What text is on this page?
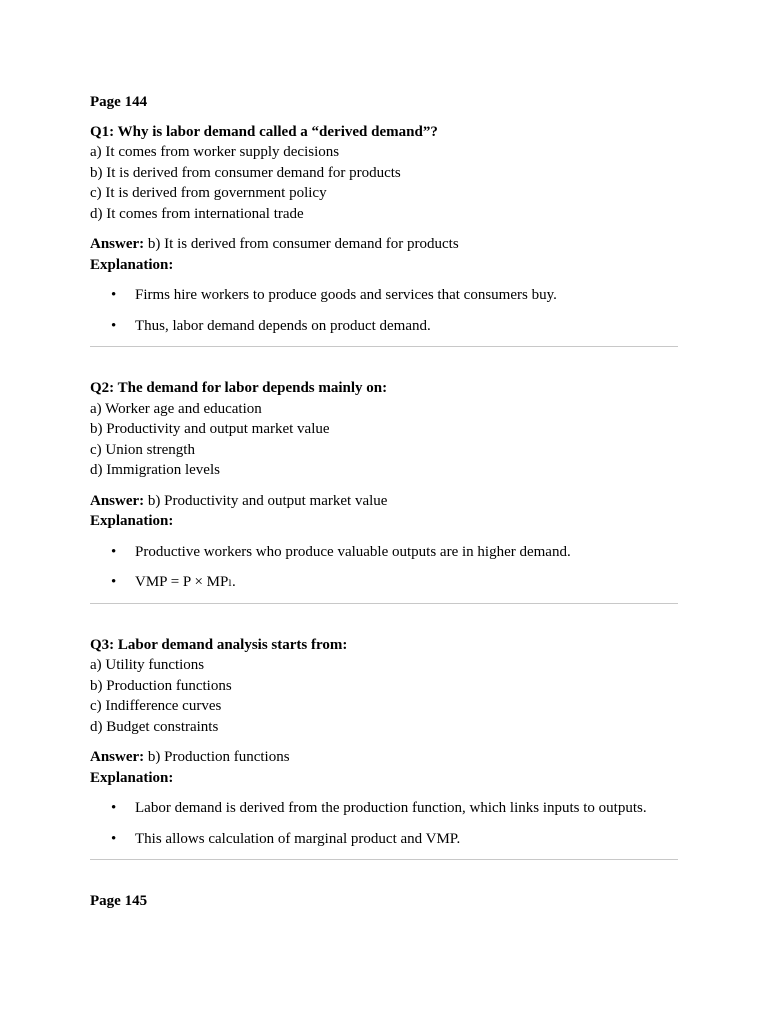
Page 144

Q1: Why is labor demand called a “derived demand”?

a) It comes from worker supply decisions

b) It is derived from consumer demand for products

c) It is derived from government policy

d) It comes from international trade

Answer: b) It is derived from consumer demand for products

Explanation:

• Firms hire workers to produce goods and services that consumers buy.
• Thus, labor demand depends on product demand.

Q2: The demand for labor depends mainly on:

a) Worker age and education

b) Productivity and output market value

c) Union strength

d) Immigration levels

Answer: b) Productivity and output market value

Explanation:

• Productive workers who produce valuable outputs are in higher demand.
• VMP = P × MPₗ.

Q3: Labor demand analysis starts from:

a) Utility functions

b) Production functions

c) Indifference curves

d) Budget constraints

Answer: b) Production functions

Explanation:

• Labor demand is derived from the production function, which links inputs to outputs.
• This allows calculation of marginal product and VMP.

Page 145
